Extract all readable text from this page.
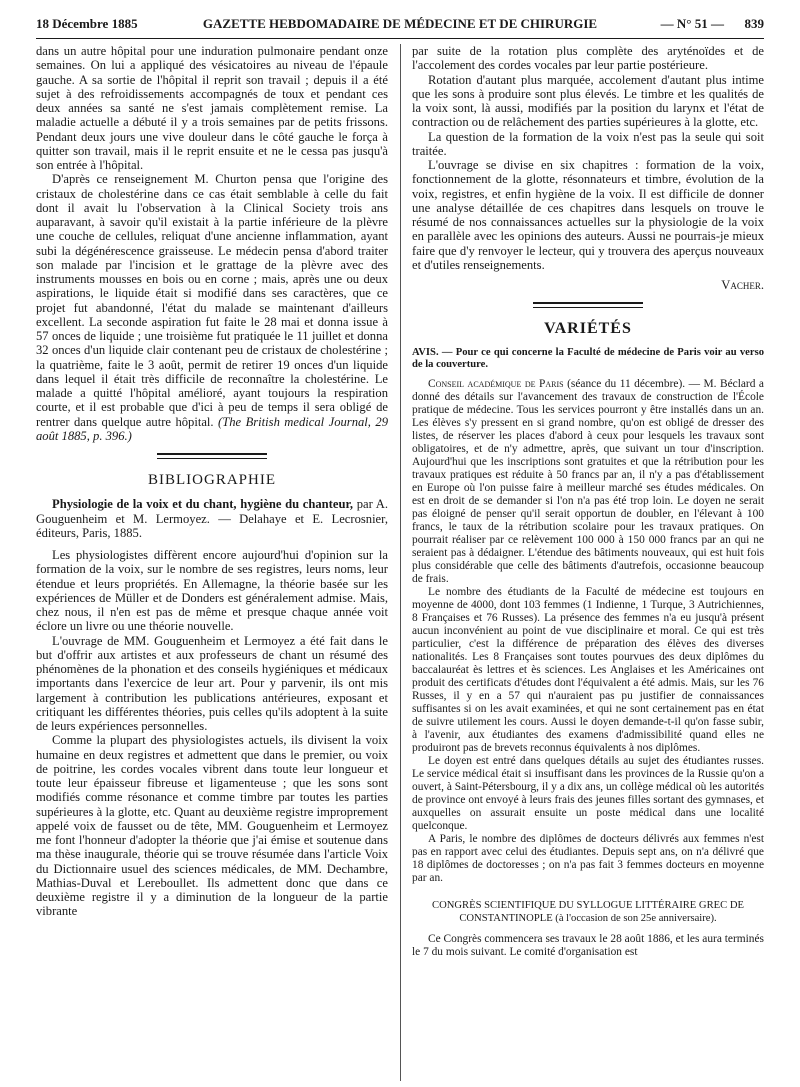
18 Décembre 1885	GAZETTE HEBDOMADAIRE DE MÉDECINE ET DE CHIRURGIE	— N° 51 — 839

dans un autre hôpital pour une induration pulmonaire pendant onze semaines. On lui a appliqué des vésicatoires au niveau de l'épaule gauche. A sa sortie de l'hôpital il reprit son travail ; depuis il a été sujet à des refroidissements accompagnés de toux et pendant ces deux années sa santé ne s'est jamais complètement remise. La maladie actuelle a débuté il y a trois semaines par de petits frissons. Pendant deux jours une vive douleur dans le côté gauche le força à quitter son travail, mais il le reprit ensuite et ne le cessa pas jusqu'à son entrée à l'hôpital.

D'après ce renseignement M. Churton pensa que l'origine des cristaux de cholestérine dans ce cas était semblable à celle du fait dont il avait lu l'observation à la Clinical Society trois ans auparavant, à savoir qu'il existait à la partie inférieure de la plèvre une couche de cellules, reliquat d'une ancienne inflammation, ayant subi la dégénérescence graisseuse. Le médecin pensa d'abord traiter son malade par l'incision et le grattage de la plèvre avec des instruments mousses en bois ou en corne ; mais, après une ou deux aspirations, le liquide était si modifié dans ses caractères, que ce projet fut abandonné, l'état du malade se maintenant d'ailleurs excellent. La seconde aspiration fut faite le 28 mai et donna issue à 57 onces de liquide ; une troisième fut pratiquée le 11 juillet et donna 32 onces d'un liquide clair contenant peu de cristaux de cholestérine ; la quatrième, faite le 3 août, permit de retirer 19 onces d'un liquide dans lequel il était très difficile de reconnaître la cholestérine. Le malade a quitté l'hôpital amélioré, ayant toujours la respiration courte, et il est probable que d'ici à peu de temps il sera obligé de rentrer dans quelque autre hôpital. (The British medical Journal, 29 août 1885, p. 396.)

BIBLIOGRAPHIE

Physiologie de la voix et du chant, hygiène du chanteur, par A. Gouguenheim et M. Lermoyez. — Delahaye et E. Lecrosnier, éditeurs, Paris, 1885.

Les physiologistes diffèrent encore aujourd'hui d'opinion sur la formation de la voix, sur le nombre de ses registres, leurs noms, leur étendue et leurs propriétés. En Allemagne, la théorie basée sur les expériences de Müller et de Donders est généralement admise. Mais, chez nous, il n'en est pas de même et presque chaque année voit éclore un livre ou une théorie nouvelle.

L'ouvrage de MM. Gouguenheim et Lermoyez a été fait dans le but d'offrir aux artistes et aux professeurs de chant un résumé des phénomènes de la phonation et des conseils hygiéniques et médicaux importants dans l'exercice de leur art. Pour y parvenir, ils ont mis largement à contribution les publications antérieures, exposant et critiquant les différentes théories, puis celles qu'ils adoptent à la suite de leurs expériences personnelles.

Comme la plupart des physiologistes actuels, ils divisent la voix humaine en deux registres et admettent que dans le premier, ou voix de poitrine, les cordes vocales vibrent dans toute leur longueur et toute leur épaisseur fibreuse et ligamenteuse ; que les sons sont modifiés comme résonance et comme timbre par toutes les parties supérieures à la glotte, etc. Quant au deuxième registre improprement appelé voix de fausset ou de tête, MM. Gouguenheim et Lermoyez me font l'honneur d'adopter la théorie que j'ai émise et soutenue dans ma thèse inaugurale, théorie qui se trouve résumée dans l'article Voix du Dictionnaire usuel des sciences médicales, de MM. Dechambre, Mathias-Duval et Lereboullet. Ils admettent donc que dans ce deuxième registre il y a diminution de la longueur de la partie vibrante

par suite de la rotation plus complète des aryténoïdes et de l'accolement des cordes vocales par leur partie postérieure.

Rotation d'autant plus marquée, accolement d'autant plus intime que les sons à produire sont plus élevés. Le timbre et les qualités de la voix sont, là aussi, modifiés par la position du larynx et l'état de contraction ou de relâchement des parties supérieures à la glotte, etc.

La question de la formation de la voix n'est pas la seule qui soit traitée.

L'ouvrage se divise en six chapitres : formation de la voix, fonctionnement de la glotte, résonnateurs et timbre, évolution de la voix, registres, et enfin hygiène de la voix. Il est difficile de donner une analyse détaillée de ces chapitres dans lesquels on trouve le résumé de nos connaissances actuelles sur la physiologie de la voix en parallèle avec les opinions des auteurs. Aussi ne pourrais-je mieux faire que d'y renvoyer le lecteur, qui y trouvera des aperçus nouveaux et d'utiles renseignements.

Vacher.
VARIÉTÉS
AVIS. — Pour ce qui concerne la Faculté de médecine de Paris voir au verso de la couverture.

Conseil académique de Paris (séance du 11 décembre). — M. Béclard a donné des détails sur l'avancement des travaux de construction de l'École pratique de médecine. Tous les services pourront y être installés dans un an. Les élèves s'y pressent en si grand nombre, qu'on est obligé de dresser des listes, de réserver les places d'abord à ceux pour lesquels les travaux sont obligatoires, et de n'y admettre, après, que suivant un tour d'inscription. Aujourd'hui que les inscriptions sont gratuites et que la rétribution pour les travaux pratiques est réduite à 50 francs par an, il n'y a pas d'établissement en Europe où l'on puisse faire à meilleur marché ses études médicales. On est en droit de se demander si l'on n'a pas été trop loin. Le doyen ne serait pas éloigné de penser qu'il serait opportun de doubler, en l'élevant à 100 francs, le taux de la rétribution scolaire pour les travaux pratiques. On pourrait réaliser par ce relèvement 100 000 à 150 000 francs par an qui ne seraient pas à dédaigner. L'étendue des bâtiments nouveaux, qui est huit fois plus considérable que celle des bâtiments d'autrefois, occasionne beaucoup de frais.

Le nombre des étudiants de la Faculté de médecine est toujours en moyenne de 4000, dont 103 femmes (1 Indienne, 1 Turque, 3 Autrichiennes, 8 Françaises et 76 Russes). La présence des femmes n'a eu jusqu'à présent aucun inconvénient au point de vue disciplinaire et moral. Ce qui est très particulier, c'est la différence de préparation des élèves des diverses nationalités. Les 8 Françaises sont toutes pourvues des deux diplômes du baccalauréat ès lettres et ès sciences. Les Anglaises et les Américaines ont produit des certificats d'études dont l'équivalent a été admis. Mais, sur les 76 Russes, il y en a 57 qui n'auraient pas pu justifier de connaissances suffisantes si on les avait examinées, et qui ne sont certainement pas en état de suivre utilement les cours. Aussi le doyen demande-t-il qu'on fasse subir, à l'avenir, aux étudiantes des examens d'admissibilité quand elles ne produiront pas de brevets reconnus équivalents à nos diplômes.

Le doyen est entré dans quelques détails au sujet des étudiantes russes. Le service médical était si insuffisant dans les provinces de la Russie qu'on a ouvert, à Saint-Pétersbourg, il y a dix ans, un collège médical où les autorités de province ont envoyé à leurs frais des jeunes filles sortant des gymnases, et auxquelles on assurait ensuite un poste médical dans une localité quelconque.

A Paris, le nombre des diplômes de docteurs délivrés aux femmes n'est pas en rapport avec celui des étudiantes. Depuis sept ans, on n'a délivré que 18 diplômes de doctoresses ; on n'a pas fait 3 femmes docteurs en moyenne par an.

CONGRÈS SCIENTIFIQUE DU SYLLOGUE LITTÉRAIRE GREC DE CONSTANTINOPLE (à l'occasion de son 25e anniversaire).

Ce Congrès commencera ses travaux le 28 août 1886, et les aura terminés le 7 du mois suivant. Le comité d'organisation est
